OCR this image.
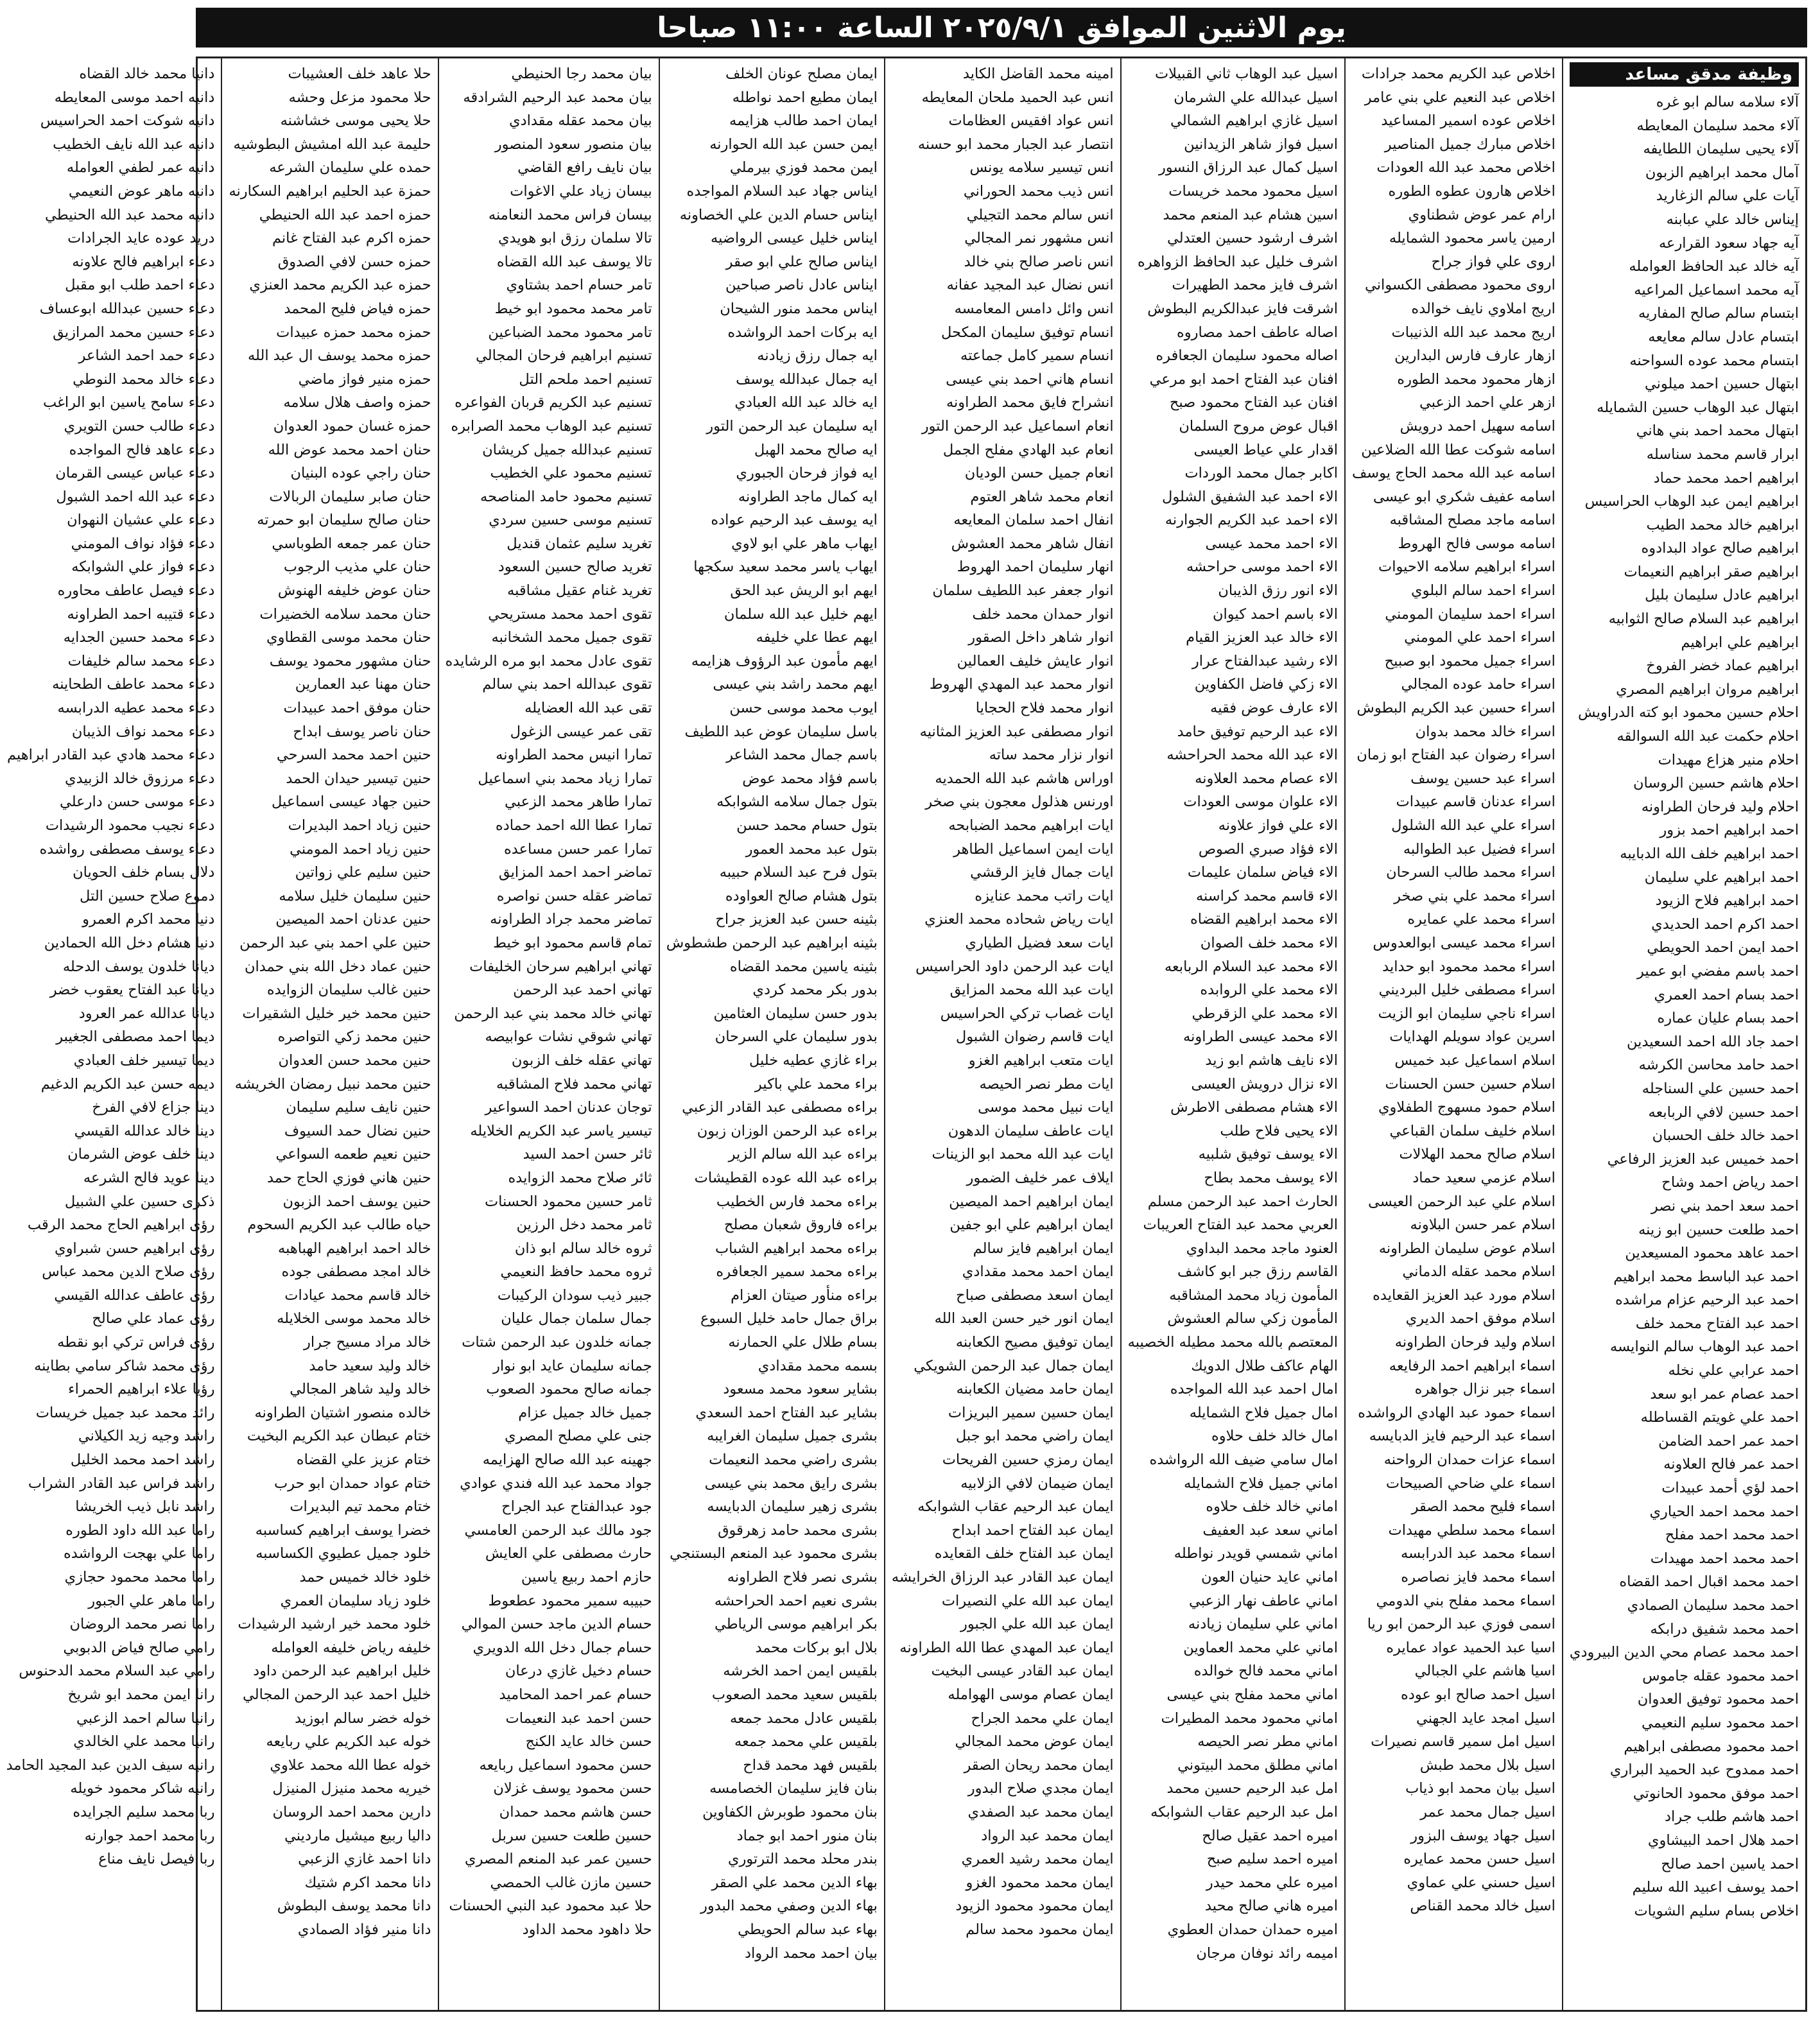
يوم الاثنين الموافق ٢٠٢٥/٩/١ الساعة ١١:٠٠ صباحا
وظيفة مدقق مساعد
آلاء سلامه سالم ابو غره
آلاء محمد سليمان المعايطه
آلاء يحيى سليمان اللطايفه
آمال محمد ابراهيم الزبون
آيات علي سالم الزغاريد
إيناس خالد علي عبابنه
آيه جهاد سعود القرارعه
آيه خالد عبد الحافظ العوامله
آيه محمد اسماعيل المراعيه
ابتسام سالم صالح المفاريه
ابتسام عادل سالم معايعه
ابتسام محمد عوده السواحنه
ابتهال حسين احمد ميلوني
ابتهال عبد الوهاب حسين الشمايله
ابتهال محمد احمد بني هاني
ابرار قاسم محمد سناسله
ابراهيم احمد محمد حماد
ابراهيم ايمن عبد الوهاب الحراسيس
ابراهيم خالد محمد الطيب
ابراهيم صالح عواد البدادوه
ابراهيم صقر ابراهيم النعيمات
ابراهيم عادل سليمان بليل
ابراهيم عبد السلام صالح الثوابيه
ابراهيم علي ابراهيم
ابراهيم عماد خضر الفروخ
ابراهيم مروان ابراهيم المصري
احلام حسين محمود ابو كته الدراويش
احلام حكمت عبد الله السوالقه
احلام منير هزاع مهيدات
احلام هاشم حسين الروسان
احلام وليد فرحان الطراونه
احمد ابراهيم احمد بزور
احمد ابراهيم خلف الله الدبايبه
احمد ابراهيم علي سليمان
احمد ابراهيم فلاح الزيود
احمد اكرم احمد الحديدي
احمد ايمن احمد الحويطي
احمد باسم مفضي ابو عمير
احمد بسام احمد العمري
احمد بسام عليان عماره
احمد جاد الله احمد السعيدين
احمد حامد محاسن الكرشه
احمد حسين علي السناجله
احمد حسين لافي الربابعه
احمد خالد خلف الحسبان
احمد خميس عبد العزيز الرفاعي
احمد رياض احمد وشاح
احمد سعد احمد بني نصر
احمد طلعت حسين ابو زينه
احمد عاهد محمود المسيعدين
احمد عبد الباسط محمد ابراهيم
احمد عبد الرحيم عزام مراشده
احمد عبد الفتاح محمد خلف
احمد عبد الوهاب سالم النوايسه
احمد عرابي علي نخله
احمد عصام عمر ابو سعد
احمد علي غويتم القساطله
احمد عمر احمد الضامن
احمد عمر فالح العلاونه
احمد لؤي أحمد عبيدات
احمد محمد احمد الحياري
احمد محمد احمد مفلح
احمد محمد احمد مهيدات
احمد محمد اقبال احمد القضاه
احمد محمد سليمان الصمادي
احمد محمد شفيق درابكه
احمد محمد عصام محي الدين البيرودي
احمد محمود عقله جاموس
احمد محمود توفيق العدوان
احمد محمود سليم النعيمي
احمد محمود مصطفى ابراهيم
احمد ممدوح عبد الحميد البراري
احمد موفق محمود الحانوتي
احمد هاشم طلب جراد
احمد هلال احمد البيشاوي
احمد ياسين احمد صالح
احمد يوسف اعبيد الله سليم
اخلاص بسام سليم الشويات
اخلاص عبد الكريم محمد جرادات
اخلاص عبد النعيم علي بني عامر
اخلاص عوده اسمير المساعيد
اخلاص مبارك جميل المناصير
اخلاص محمد عبد الله العودات
اخلاص هارون عطوه الطوره
ارام عمر عوض شطناوي
ارمين ياسر محمود الشمايله
اروى علي فواز جراح
اروى محمود مصطفى الكسواني
اريج املاوي نايف خوالده
اريج محمد عبد الله الذنيبات
ازهار عارف فارس البدارين
ازهار محمود محمد الطوره
ازهر علي احمد الزعبي
اسامه سهيل احمد درويش
اسامه شوكت عطا الله الضلاعين
اسامه عبد الله محمد الحاج يوسف
اسامه عفيف شكري ابو عيسى
اسامه ماجد مصلح المشاقبه
اسامه موسى فالح الهروط
اسراء ابراهيم سلامه الاحيوات
اسراء احمد سالم البلوي
اسراء احمد سليمان المومني
اسراء احمد علي المومني
اسراء جميل محمود ابو صبيح
اسراء حامد عوده المجالي
اسراء حسين عبد الكريم البطوش
اسراء خالد محمد بدوان
اسراء رضوان عبد الفتاح ابو زمان
اسراء عبد حسين يوسف
اسراء عدنان قاسم عبيدات
اسراء علي عبد الله الشلول
اسراء فضيل عبد الطوالبه
اسراء محمد طالب السرحان
اسراء محمد علي بني صخر
اسراء محمد علي عمايره
اسراء محمد عيسى ابوالعدوس
اسراء محمد محمود ابو حدايد
اسراء مصطفى خليل البرديني
اسراء ناجي سليمان ابو الزيت
اسرين عواد سويلم الهدايات
اسلام اسماعيل عبد خميس
اسلام حسين حسن الحسنات
اسلام حمود مسهوج الطفلاوي
اسلام خليف سلمان القباعي
اسلام صالح محمد الهلالات
اسلام عزمي سعيد حماد
اسلام علي عبد الرحمن العيسى
اسلام عمر حسن البلاونه
اسلام عوض سليمان الطراونه
اسلام محمد عقله الدماني
اسلام مورد عبد العزيز القعايده
اسلام موفق احمد الديري
اسلام وليد فرحان الطراونه
اسماء ابراهيم احمد الرفايعه
اسماء جبر نزال جواهره
اسماء حمود عبد الهادي الرواشده
اسماء عبد الرحيم فايز الدبايسه
اسماء عزات حمدان الرواحنه
اسماء علي ضاحي الصبيحات
اسماء فليح محمد الصقر
اسماء محمد سلطي مهيدات
اسماء محمد عبد الدرابسه
اسماء محمد فايز نصاصره
اسماء محمد مفلح بني الدومي
اسمى فوزي عبد الرحمن ابو ريا
اسيا عبد الحميد عواد عمايره
اسيا هاشم علي الجبالي
اسيل احمد صالح ابو عوده
اسيل امجد عايد الجهني
اسيل امل سمير قاسم نصيرات
اسيل بلال محمد طبش
اسيل بيان محمد ابو ذياب
اسيل جمال محمد عمر
اسيل جهاد يوسف البزور
اسيل حسن محمد عمايره
اسيل حسني علي عماوي
اسيل خالد محمد القناص
اسيل عبد الوهاب ثاني القبيلات
اسيل عبدالله علي الشرمان
اسيل غازي ابراهيم الشمالي
اسيل فواز شاهر الزيدانين
اسيل كمال عبد الرزاق النسور
اسيل محمود محمد خريسات
اسين هشام عبد المنعم محمد
اشرف ارشود حسين العتدلي
اشرف خليل عبد الحافظ الزواهره
اشرف فايز محمد الطهيرات
اشرقت فايز عبدالكريم البطوش
اصاله عاطف احمد مصاروه
اصاله محمود سليمان الجعافره
افنان عبد الفتاح احمد ابو مرعي
افنان عبد الفتاح محمود صبح
اقبال عوض مروح السلمان
اقدار علي عياط العيسى
اكابر جمال محمد الوردات
الاء احمد عبد الشفيق الشلول
الاء احمد عبد الكريم الجوارنه
الاء احمد محمد عيسى
الاء احمد موسى حراحشه
الاء انور رزق الذيبان
الاء باسم احمد كيوان
الاء خالد عبد العزيز القيام
الاء رشيد عبدالفتاح عرار
الاء زكي فاضل الكفاوين
الاء عارف عوض فقيه
الاء عبد الرحيم توفيق حامد
الاء عبد الله محمد الحراحشه
الاء عصام محمد العلاونه
الاء علوان موسى العودات
الاء علي فواز علاونه
الاء فؤاد صبري الصوص
الاء فياض سلمان عليمات
الاء قاسم محمد كراسنه
الاء محمد ابراهيم القضاه
الاء محمد خلف الصوان
الاء محمد عبد السلام الربابعه
الاء محمد علي الروابده
الاء محمد علي الزقرطي
الاء محمد عيسى الطراونه
الاء نايف هاشم ابو زيد
الاء نزال درويش العيسى
الاء هشام مصطفى الاطرش
الاء يحيى فلاح طلب
الاء يوسف توفيق شلبيه
الاء يوسف محمد بطاح
الحارث احمد عبد الرحمن مسلم
العربي محمد عبد الفتاح العريبات
العنود ماجد محمد البداوي
القاسم رزق جبر ابو كاشف
المأمون زياد محمد المشاقبه
المأمون زكي سالم العشوش
المعتصم بالله محمد مطيله الخصيبه
الهام عاكف طلال الدويك
امال احمد عبد الله المواجده
امال جميل فلاح الشمايله
امال خالد خلف حلاوه
امال سامي ضيف الله الرواشده
اماني جميل فلاح الشمايله
اماني خالد خلف حلاوه
اماني سعد عبد العفيف
اماني شمسي قويدر نواطله
اماني عايد حنيان العون
اماني عاطف نهار الزعبي
اماني علي سليمان زيادنه
اماني علي محمد العماوين
اماني محمد فالح خوالده
اماني محمد مفلح بني عيسى
اماني محمود محمد المطيرات
اماني مطر نصر الحيصه
اماني مطلق محمد البيتوني
امل عبد الرحيم حسين محمد
امل عبد الرحيم عقاب الشوابكه
اميره احمد عقيل صالح
اميره احمد سليم صبح
اميره علي محمد حيدر
اميره هاني صالح محيد
اميره حمدان حمدان العطوي
اميمه رائد نوفان مرجان
امينه محمد القاضل الكايد
انس عبد الحميد ملحان المعايطه
انس عواد افقيس العظامات
انتصار عبد الجبار محمد ابو حسنه
انس تيسير سلامه يونس
انس ذيب محمد الحوراني
انس سالم محمد التجيلي
انس مشهور نمر المجالي
انس ناصر صالح بني خالد
انس نضال عبد المجيد عفانه
انس وائل دامس المعامسه
انسام توفيق سليمان المكحل
انسام سمير كامل جماعته
انسام هاني احمد بني عيسى
انشراح فايق محمد الطراونه
انعام اسماعيل عبد الرحمن التور
انعام عبد الهادي مفلح الجمل
انعام جميل حسن الوديان
انعام محمد شاهر العتوم
انفال احمد سلمان المعايعه
انفال شاهر محمد العشوش
انهار سليمان احمد الهروط
انوار جعفر عبد اللطيف سلمان
انوار حمدان محمد خلف
انوار شاهر داخل الصقور
انوار عايش خليف العمالين
انوار محمد عبد المهدي الهروط
انوار محمد فلاح الحجايا
انوار مصطفى عبد العزيز المثانيه
انوار نزار محمد ساته
اوراس هاشم عبد الله الحمديه
اورنس هذلول معجون بني صخر
ايات ابراهيم محمد الضبابحه
ايات ايمن اسماعيل الطاهر
ايات جمال فايز الرقشي
ايات راتب محمد عنايزه
ايات رياض شحاده محمد العنزي
ايات سعد فضيل الطياري
ايات عبد الرحمن داود الحراسيس
ايات عبد الله محمد المزايق
ايات غصاب تركي الحراسيس
ايات قاسم رضوان الشبول
ايات متعب ابراهيم الغزو
ايات مطر نصر الحيصه
ايات نبيل محمد موسى
ايات عاطف سليمان الدهون
ايات عبد الله محمد ابو الزينات
ايلاف عمر خليف الضمور
ايمان ابراهيم احمد الميصين
ايمان ابراهيم علي ابو جفين
ايمان ابراهيم فايز سالم
ايمان احمد محمد مقدادي
ايمان اسعد مصطفى صباح
ايمان انور خير حسن العبد الله
ايمان توفيق مصيح الكعابنه
ايمان جمال عبد الرحمن الشويكي
ايمان حامد مضيان الكعابنه
ايمان حسين سمير البريزات
ايمان راضي محمد ابو جبل
ايمان رمزي حسين الفريحات
ايمان ضيمان لافي الزلابيه
ايمان عبد الرحيم عقاب الشوابكه
ايمان عبد الفتاح احمد ابداح
ايمان عبد الفتاح خلف القعايده
ايمان عبد القادر عبد الرزاق الخرايشه
ايمان عبد الله علي النصيرات
ايمان عبد الله علي الجبور
ايمان عبد المهدي عطا الله الطراونه
ايمان عبد القادر عيسى البخيت
ايمان عصام موسى الهوامله
ايمان علي محمد الجراح
ايمان عوض محمد المجالي
ايمان محمد ريحان الصقر
ايمان مجدي صلاح البدور
ايمان محمد عبد الصفدي
ايمان محمد عبد الرواد
ايمان محمد رشيد العمري
ايمان محمد محمود الغزو
ايمان محمود محمود الزيود
ايمان محمود محمد سالم
ايمان مصلح عونان الخلف
ايمان مطيع احمد نواطله
ايمان احمد طالب هزايمه
ايمن حسن عبد الله الحوارنه
ايمن محمد فوزي بيرملي
ايناس جهاد عبد السلام المواجده
ايناس حسام الدين علي الخصاونه
ايناس خليل عيسى الرواضيه
ايناس صالح علي ابو صقر
ايناس عادل ناصر صباحين
ايناس محمد منور الشيحان
ايه بركات احمد الرواشده
ايه جمال رزق زيادنه
ايه جمال عبدالله يوسف
ايه خالد عبد الله العبادي
ايه سليمان عبد الرحمن التور
ايه صالح محمد الهبل
ايه فواز فرحان الجبوري
ايه كمال ماجد الطراونه
ايه يوسف عبد الرحيم عواده
ايهاب ماهر علي ابو لاوي
ايهاب ياسر محمد سعيد سكجها
ايهم ابو الريش عبد الحق
ايهم خليل عبد الله سلمان
ايهم عطا علي خليفه
ايهم مأمون عبد الرؤوف هزايمه
ايهم محمد راشد بني عيسى
ايوب محمد موسى حسن
باسل سليمان عوض عبد اللطيف
باسم جمال محمد الشاعر
باسم فؤاد محمد عوض
بتول جمال سلامه الشوابكه
بتول حسام محمد حسن
بتول عبد محمد العمور
بتول فرح عبد السلام حبيبه
بتول هشام صالح العواوده
بثينه حسن عبد العزيز جراح
بثينه ابراهيم عبد الرحمن طشطوش
بثينه ياسين محمد القضاه
بدور بكر محمد كردي
بدور حسن سليمان العثامين
بدور سليمان علي السرحان
براء غازي عطيه خليل
براء محمد علي باكير
براءه مصطفى عبد القادر الزعبي
براءه عبد الرحمن الوزان زبون
براءه عبد الله سالم الزير
براءه عبد الله عوده القطيشات
براءه محمد فارس الخطيب
براءه فاروق شعبان مصلح
براءه محمد ابراهيم الشباب
براءه محمد سمير الجعافره
براءه منأور صيتان العزام
براق جمال حامد خليل السبوع
بسام طلال علي الحمارنه
بسمه محمد مقدادي
بشاير سعود محمد مسعود
بشاير عبد الفتاح احمد السعدي
بشرى جميل سليمان الغرايبه
بشرى راضي محمد النعيمات
بشرى رايق محمد بني عيسى
بشرى زهير سليمان الدبايسه
بشرى محمد حامد زهرقوق
بشرى محمود عبد المنعم البستنجي
بشرى نصر فلاح الطراونه
بشرى نعيم احمد الحراحشه
بكر ابراهيم موسى الرياطي
بلال ابو بركات محمد
بلقيس ايمن احمد الخرشه
بلقيس سعيد محمد الصعوب
بلقيس عادل محمد جمعه
بلقيس علي محمد جمعه
بلقيس فهد محمد قداح
بنان فايز سليمان الخصامسه
بنان محمود طوبرش الكفاوين
بنان منور احمد ابو جماد
بندر محلد محمد الترتوري
بهاء الدين محمد علي الصقر
بهاء الدين وصفي محمد البدور
بهاء عبد سالم الحويطي
بيان احمد محمد الرواد
بيان محمد رجا الحنيطي
بيان محمد عبد الرحيم الشرادقه
بيان محمد عقله مقدادي
بيان منصور سعود المنصور
بيان نايف رافع القاضي
بيسان زياد علي الاغوات
بيسان فراس محمد النعامنه
تالا سلمان رزق ابو هويدي
تالا يوسف عبد الله القضاه
تامر حسام احمد بشتاوي
تامر محمد محمود ابو خيط
تامر محمود محمد الضباعين
تسنيم ابراهيم فرحان المجالي
تسنيم احمد ملحم التل
تسنيم عبد الكريم قربان الفواعره
تسنيم عبد الوهاب محمد الصرابره
تسنيم عبدالله جميل كريشان
تسنيم محمود علي الخطيب
تسنيم محمود حامد المناصحه
تسنيم موسى حسين سردي
تغريد سليم عثمان قنديل
تغريد صالح حسين السعود
تغريد غنام عقيل مشاقبه
تقوى احمد محمد مستريحي
تقوى جميل محمد الشخانبه
تقوى عادل محمد ابو مره الرشايده
تقوى عبدالله احمد بني سالم
تقى عبد الله العضايله
تقى عمر عيسى الزغول
تمارا انيس محمد الطراونه
تمارا زياد محمد بني اسماعيل
تمارا طاهر محمد الزعبي
تمارا عطا الله احمد حماده
تمارا عمر حسن مساعده
تماضر احمد احمد المزايق
تماضر عقله حسن نواصره
تماضر محمد جراد الطراونه
تمام قاسم محمود ابو خيط
تهاني ابراهيم سرحان الخليفات
تهاني احمد عبد الرحمن
تهاني خالد محمد بني عبد الرحمن
تهاني شوقي نشات عوابيصه
تهاني عقله خلف الزبون
تهاني محمد فلاح المشاقبه
توجان عدنان احمد السواعير
تيسير ياسر عبد الكريم الخلايله
ثائر حسن احمد السيد
ثائر صلاح محمد الزوايده
ثامر حسين محمود الحسنات
ثامر محمد دخل الرزين
ثروه خالد سالم ابو ذان
ثروه محمد حافظ النعيمي
جبير ذيب سودان الركيبات
جمال سلمان جمال عليان
جمانه خلدون عبد الرحمن شتات
جمانه سليمان عايد ابو نوار
جمانه صالح محمود الصعوب
جميل خالد جميل عزام
جنى علي مصلح المصري
جهينه عبد الله صالح الهزايمه
جواد محمد عبد الله فندي عوادي
جود عبدالفتاح عبد الجراح
جود مالك عبد الرحمن العامسي
حارث مصطفى علي العايش
حازم احمد ربيع ياسين
حبيبه سمير محمود عطعوط
حسام الدين ماجد حسن الموالي
حسام جمال دخل الله الدويري
حسام دخيل غازي درعان
حسام عمر احمد المحاميد
حسن احمد عبد النعيمات
حسن خالد عايد الكنج
حسن محمود اسماعيل ربايعه
حسن محمود يوسف غزلان
حسن هاشم محمد حمدان
حسين طلعت حسين سربل
حسين عمر عبد المنعم المصري
حسين مازن غالب الحمصي
حلا عبد محمود عبد النبي الحسنات
حلا داهود محمد الداود
حلا عاهد خلف العشيبات
حلا محمود مزعل وحشه
حلا يحيى موسى خشاشنه
حليمة عبد الله امشيش البطوشيه
حمده علي سليمان الشرعه
حمزة عبد الحليم ابراهيم السكارنه
حمزه احمد عبد الله الحنيطي
حمزه اكرم عبد الفتاح غانم
حمزه حسن لافي الصدوق
حمزه عبد الكريم محمد العنزي
حمزه فياض فليح المحمد
حمزه محمد حمزه عبيدات
حمزه محمد يوسف ال عبد الله
حمزه منير فواز ماضي
حمزه واصف هلال سلامه
حمزه غسان حمود العدوان
حنان احمد محمد عوض الله
حنان راجي عوده البنيان
حنان صابر سليمان الربالات
حنان صالح سليمان ابو حمرته
حنان عمر جمعه الطوباسي
حنان علي مذيب الرجوب
حنان عوض خليفه الهنوش
حنان محمد سلامه الخضيرات
حنان محمد موسى القطاوي
حنان مشهور محمود يوسف
حنان مهنا عبد العمارين
حنان موفق احمد عبيدات
حنان ناصر يوسف ابداح
حنين احمد محمد السرحي
حنين تيسير حيدان الحمد
حنين جهاد عيسى اسماعيل
حنين زياد احمد البديرات
حنين زياد احمد المومني
حنين سليم علي زواتين
حنين سليمان خليل سلامه
حنين عدنان احمد الميصين
حنين علي احمد بني عبد الرحمن
حنين عماد دخل الله بني حمدان
حنين غالب سليمان الزوايده
حنين محمد خير خليل الشقيرات
حنين محمد زكي التواصره
حنين محمد حسن العدوان
حنين محمد نبيل رمضان الخريشه
حنين نايف سليم سليمان
حنين نضال حمد السيوف
حنين نعيم طعمه السواعي
حنين هاني فوزي الحاج حمد
حنين يوسف احمد الزبون
حياه طالب عبد الكريم السحوم
خالد احمد ابراهيم الهباهبه
خالد امجد مصطفى جوده
خالد قاسم محمد عيادات
خالد محمد موسى الخلايله
خالد مراد مسيح جرار
خالد وليد سعيد حامد
خالد وليد شاهر المجالي
خالده منصور اشتيان الطراونه
ختام عبطان عبد الكريم البخيت
ختام عزيز علي القضاه
ختام عواد حمدان ابو حرب
ختام محمد تيم البديرات
خضرا يوسف ابراهيم كساسبه
خلود جميل عطيوي الكساسبه
خلود خالد خميس حمد
خلود زياد سليمان العمري
خلود محمد خير ارشيد الرشيدات
خليفه رياض خليفه العوامله
خليل ابراهيم عبد الرحمن داود
خليل احمد عبد الرحمن المجالي
خوله خضر سالم ابوزيد
خوله عبد الكريم علي ربايعه
خوله عطا الله محمد علاوي
خيريه محمد منيزل المنيزل
دارين محمد احمد الروسان
داليا ربيع ميشيل مارديني
دانا احمد غازي الزعبي
دانا محمد اكرم شتيك
دانا محمد يوسف البطوش
دانا منير فؤاد الصمادي
دانيا محمد خالد القضاه
دانيه احمد موسى المعايطه
دانيه شوكت احمد الحراسيس
دانيه عبد الله نايف الخطيب
دانيه عمر لطفي العوامله
دانيه ماهر عوض النعيمي
دانيه محمد عبد الله الحنيطي
دريد عوده عايد الجرادات
دعاء ابراهيم فالح علاونه
دعاء احمد طلب ابو مقبل
دعاء حسين عبدالله ابوعساف
دعاء حسين محمد المرازيق
دعاء حمد احمد الشاعر
دعاء خالد محمد النوطي
دعاء سامح ياسين ابو الراغب
دعاء طالب حسن التويري
دعاء عاهد فالح المواجده
دعاء عباس عيسى القرمان
دعاء عبد الله احمد الشبول
دعاء علي عشيان النهوان
دعاء فؤاد نواف المومني
دعاء فواز علي الشوابكه
دعاء فيصل عاطف محاوره
دعاء قتيبه احمد الطراونه
دعاء محمد حسين الجدايه
دعاء محمد سالم خليفات
دعاء محمد عاطف الطحاينه
دعاء محمد عطيه الدرابسه
دعاء محمد نواف الذيبان
دعاء محمد هادي عبد القادر ابراهيم
دعاء مرزوق خالد الزبيدي
دعاء موسى حسن دارعلي
دعاء نجيب محمود الرشيدات
دعاء يوسف مصطفى رواشده
دلال بسام خلف الحويان
دموع صلاح حسين التل
دنيا محمد اكرم العمرو
دنيا هشام دخل الله الحمادين
ديانا خلدون يوسف الدحله
ديانا عبد الفتاح يعقوب خضر
ديانا عدالله عمر العرود
ديما احمد مصطفى الجغيبر
ديما تيسير خلف العبادي
ديمه حسن عبد الكريم الدغيم
دينا جزاع لافي الفرخ
دينا خالد عدالله القيسي
دينا خلف عوض الشرمان
دينا عويد فالح الشرعه
ذكرى حسين علي الشبيل
رؤى ابراهيم الحاج محمد الرقب
رؤى ابراهيم حسن شبراوي
رؤى صلاح الدين محمد عباس
رؤى عاطف عدالله القيسي
رؤى عماد علي صالح
رؤى فراس تركي ابو نقطه
رؤى محمد شاكر سامي بطاينه
رؤيا علاء ابراهيم الحمراء
رائد محمد عبد جميل خريسات
راشد وجيه زيد الكيلاني
راشد احمد محمد الخليل
راشد فراس عبد القادر الشراب
راشد نابل ذيب الخريشا
راما عبد الله داود الطوره
راما علي بهجت الرواشده
راما محمد محمود حجازي
راما ماهر علي الجبور
راما نصر محمد الروضان
رامي صالح فياض الدبوبي
رامي عبد السلام محمد الدحنوس
رانا ايمن محمد ابو شريخ
رانيا سالم احمد الزعبي
رانيا محمد علي الخالدي
رانيه سيف الدين عبد المجيد الحامد
رانيه شاكر محمود خويله
ربا محمد سليم الجرايده
ربا محمد احمد جوارنه
ربا فيصل نايف مناع
